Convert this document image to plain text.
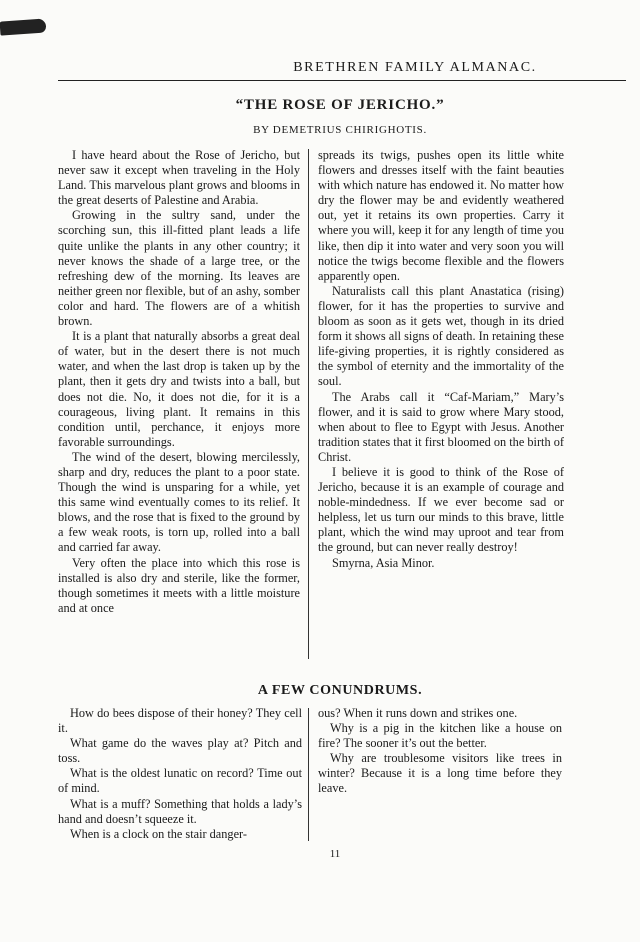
BRETHREN FAMILY ALMANAC.
“THE ROSE OF JERICHO.”
BY DEMETRIUS CHIRIGHOTIS.

I have heard about the Rose of Jericho, but never saw it except when traveling in the Holy Land. This marvelous plant grows and blooms in the great deserts of Palestine and Arabia.

Growing in the sultry sand, under the scorching sun, this ill-fitted plant leads a life quite unlike the plants in any other country; it never knows the shade of a large tree, or the refreshing dew of the morning. Its leaves are neither green nor flexible, but of an ashy, somber color and hard. The flowers are of a whitish brown.

It is a plant that naturally absorbs a great deal of water, but in the desert there is not much water, and when the last drop is taken up by the plant, then it gets dry and twists into a ball, but does not die. No, it does not die, for it is a courageous, living plant. It remains in this condition until, perchance, it enjoys more favorable surroundings.

The wind of the desert, blowing mercilessly, sharp and dry, reduces the plant to a poor state. Though the wind is unsparing for a while, yet this same wind eventually comes to its relief. It blows, and the rose that is fixed to the ground by a few weak roots, is torn up, rolled into a ball and carried far away.

Very often the place into which this rose is installed is also dry and sterile, like the former, though sometimes it meets with a little moisture and at once

spreads its twigs, pushes open its little white flowers and dresses itself with the faint beauties with which nature has endowed it. No matter how dry the flower may be and evidently weathered out, yet it retains its own properties. Carry it where you will, keep it for any length of time you like, then dip it into water and very soon you will notice the twigs become flexible and the flowers apparently open.

Naturalists call this plant Anastatica (rising) flower, for it has the properties to survive and bloom as soon as it gets wet, though in its dried form it shows all signs of death. In retaining these life-giving properties, it is rightly considered as the symbol of eternity and the immortality of the soul.

The Arabs call it “Caf-Mariam,” Mary’s flower, and it is said to grow where Mary stood, when about to flee to Egypt with Jesus. Another tradition states that it first bloomed on the birth of Christ.

I believe it is good to think of the Rose of Jericho, because it is an example of courage and noble-mindedness. If we ever become sad or helpless, let us turn our minds to this brave, little plant, which the wind may uproot and tear from the ground, but can never really destroy!

Smyrna, Asia Minor.

A FEW CONUNDRUMS.

How do bees dispose of their honey? They cell it.

What game do the waves play at? Pitch and toss.

What is the oldest lunatic on record? Time out of mind.

What is a muff? Something that holds a lady’s hand and doesn’t squeeze it.

When is a clock on the stair danger-

ous? When it runs down and strikes one.

Why is a pig in the kitchen like a house on fire? The sooner it’s out the better.

Why are troublesome visitors like trees in winter? Because it is a long time before they leave.

11
